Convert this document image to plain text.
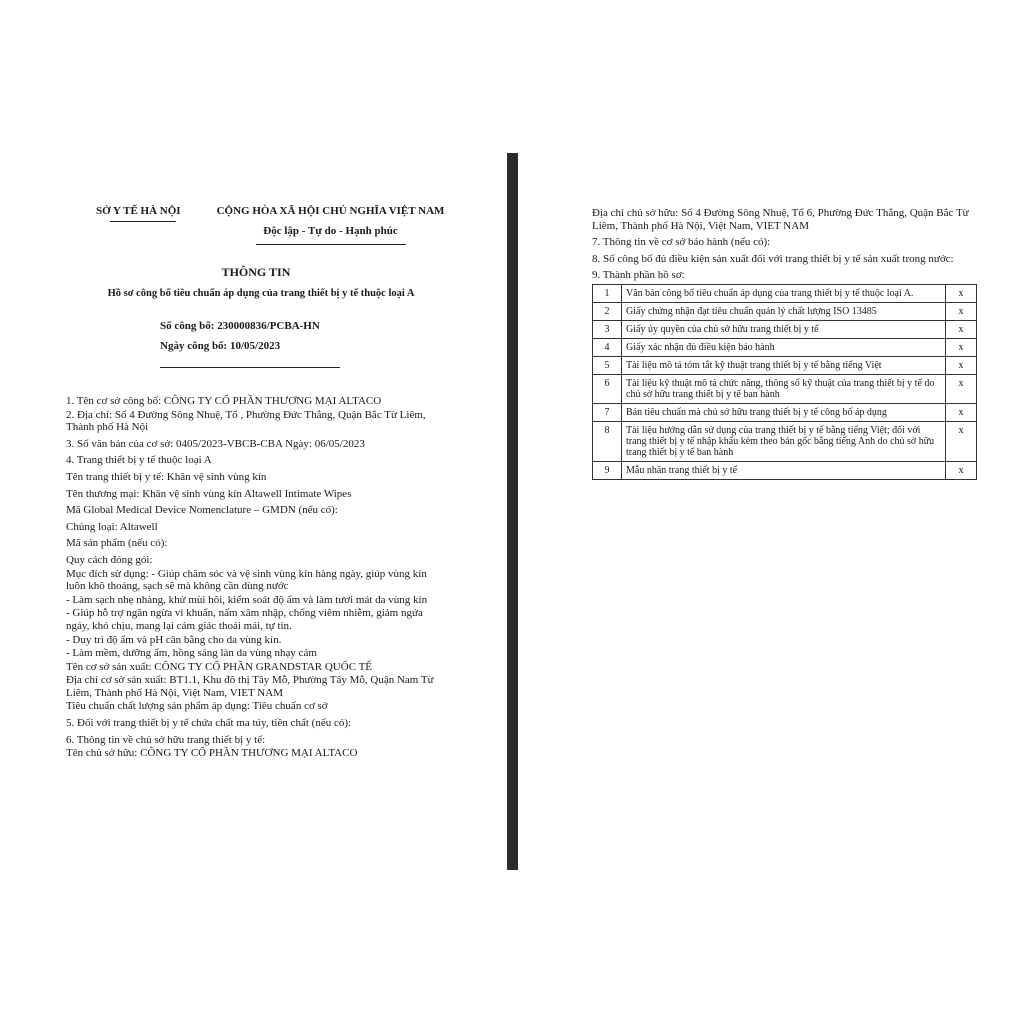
SỞ Y TẾ HÀ NỘI	CỘNG HÒA XÃ HỘI CHỦ NGHĨA VIỆT NAM
Độc lập - Tự do - Hạnh phúc
THÔNG TIN
Hồ sơ công bố tiêu chuẩn áp dụng của trang thiết bị y tế thuộc loại A
Số công bố: 230000836/PCBA-HN
Ngày công bố: 10/05/2023
1. Tên cơ sở công bố: CÔNG TY CỔ PHẦN THƯƠNG MẠI ALTACO
2. Địa chỉ: Số 4 Đường Sông Nhuệ, Tổ , Phường Đức Thắng, Quận Bắc Từ Liêm, Thành phố Hà Nội
3. Số văn bản của cơ sở: 0405/2023-VBCB-CBA Ngày: 06/05/2023
4. Trang thiết bị y tế thuộc loại A
Tên trang thiết bị y tế: Khăn vệ sinh vùng kín
Tên thương mại: Khăn vệ sinh vùng kín Altawell Intimate Wipes
Mã Global Medical Device Nomenclature – GMDN (nếu có):
Chủng loại: Altawell
Mã sản phẩm (nếu có):
Quy cách đóng gói:
Mục đích sử dụng: - Giúp chăm sóc và vệ sinh vùng kín hàng ngày, giúp vùng kín luôn khô thoáng, sạch sẽ mà không cần dùng nước
- Làm sạch nhẹ nhàng, khử mùi hôi, kiểm soát độ ẩm và làm tươi mát da vùng kín
- Giúp hỗ trợ ngăn ngừa vi khuẩn, nấm xâm nhập, chống viêm nhiễm, giảm ngứa ngáy, khó chịu, mang lại cảm giác thoải mái, tự tin.
- Duy trì độ ẩm và pH cân bằng cho da vùng kín.
- Làm mềm, dưỡng ẩm, hồng sáng làn da vùng nhạy cảm
Tên cơ sở sản xuất: CÔNG TY CỔ PHẦN GRANDSTAR QUỐC TẾ
Địa chỉ cơ sở sản xuất: BT1.1, Khu đô thị Tây Mỗ, Phường Tây Mỗ, Quận Nam Từ Liêm, Thành phố Hà Nội, Việt Nam, VIET NAM
Tiêu chuẩn chất lượng sản phẩm áp dụng: Tiêu chuẩn cơ sở
5. Đối với trang thiết bị y tế chứa chất ma túy, tiền chất (nếu có):
6. Thông tin về chủ sở hữu trang thiết bị y tế:
Tên chủ sở hữu: CÔNG TY CỔ PHẦN THƯƠNG MẠI ALTACO
Địa chỉ chủ sở hữu: Số 4 Đường Sông Nhuệ, Tổ 6, Phường Đức Thắng, Quận Bắc Từ Liêm, Thành phố Hà Nội, Việt Nam, VIET NAM
7. Thông tin về cơ sở bảo hành (nếu có):
8. Số công bố đủ điều kiện sản xuất đối với trang thiết bị y tế sản xuất trong nước:
9. Thành phần hồ sơ:
1	Văn bản công bố tiêu chuẩn áp dụng của trang thiết bị y tế thuộc loại A.	x
2	Giấy chứng nhận đạt tiêu chuẩn quản lý chất lượng ISO 13485	x
3	Giấy ủy quyền của chủ sở hữu trang thiết bị y tế	x
4	Giấy xác nhận đủ điều kiện bảo hành	x
5	Tài liệu mô tả tóm tắt kỹ thuật trang thiết bị y tế bằng tiếng Việt	x
6	Tài liệu kỹ thuật mô tả chức năng, thông số kỹ thuật của trang thiết bị y tế do chủ sở hữu trang thiết bị y tế ban hành	x
7	Bản tiêu chuẩn mà chủ sở hữu trang thiết bị y tế công bố áp dụng	x
8	Tài liệu hướng dẫn sử dụng của trang thiết bị y tế bằng tiếng Việt; đối với trang thiết bị y tế nhập khẩu kèm theo bản gốc bằng tiếng Anh do chủ sở hữu trang thiết bị y tế ban hành	x
9	Mẫu nhãn trang thiết bị y tế	x
